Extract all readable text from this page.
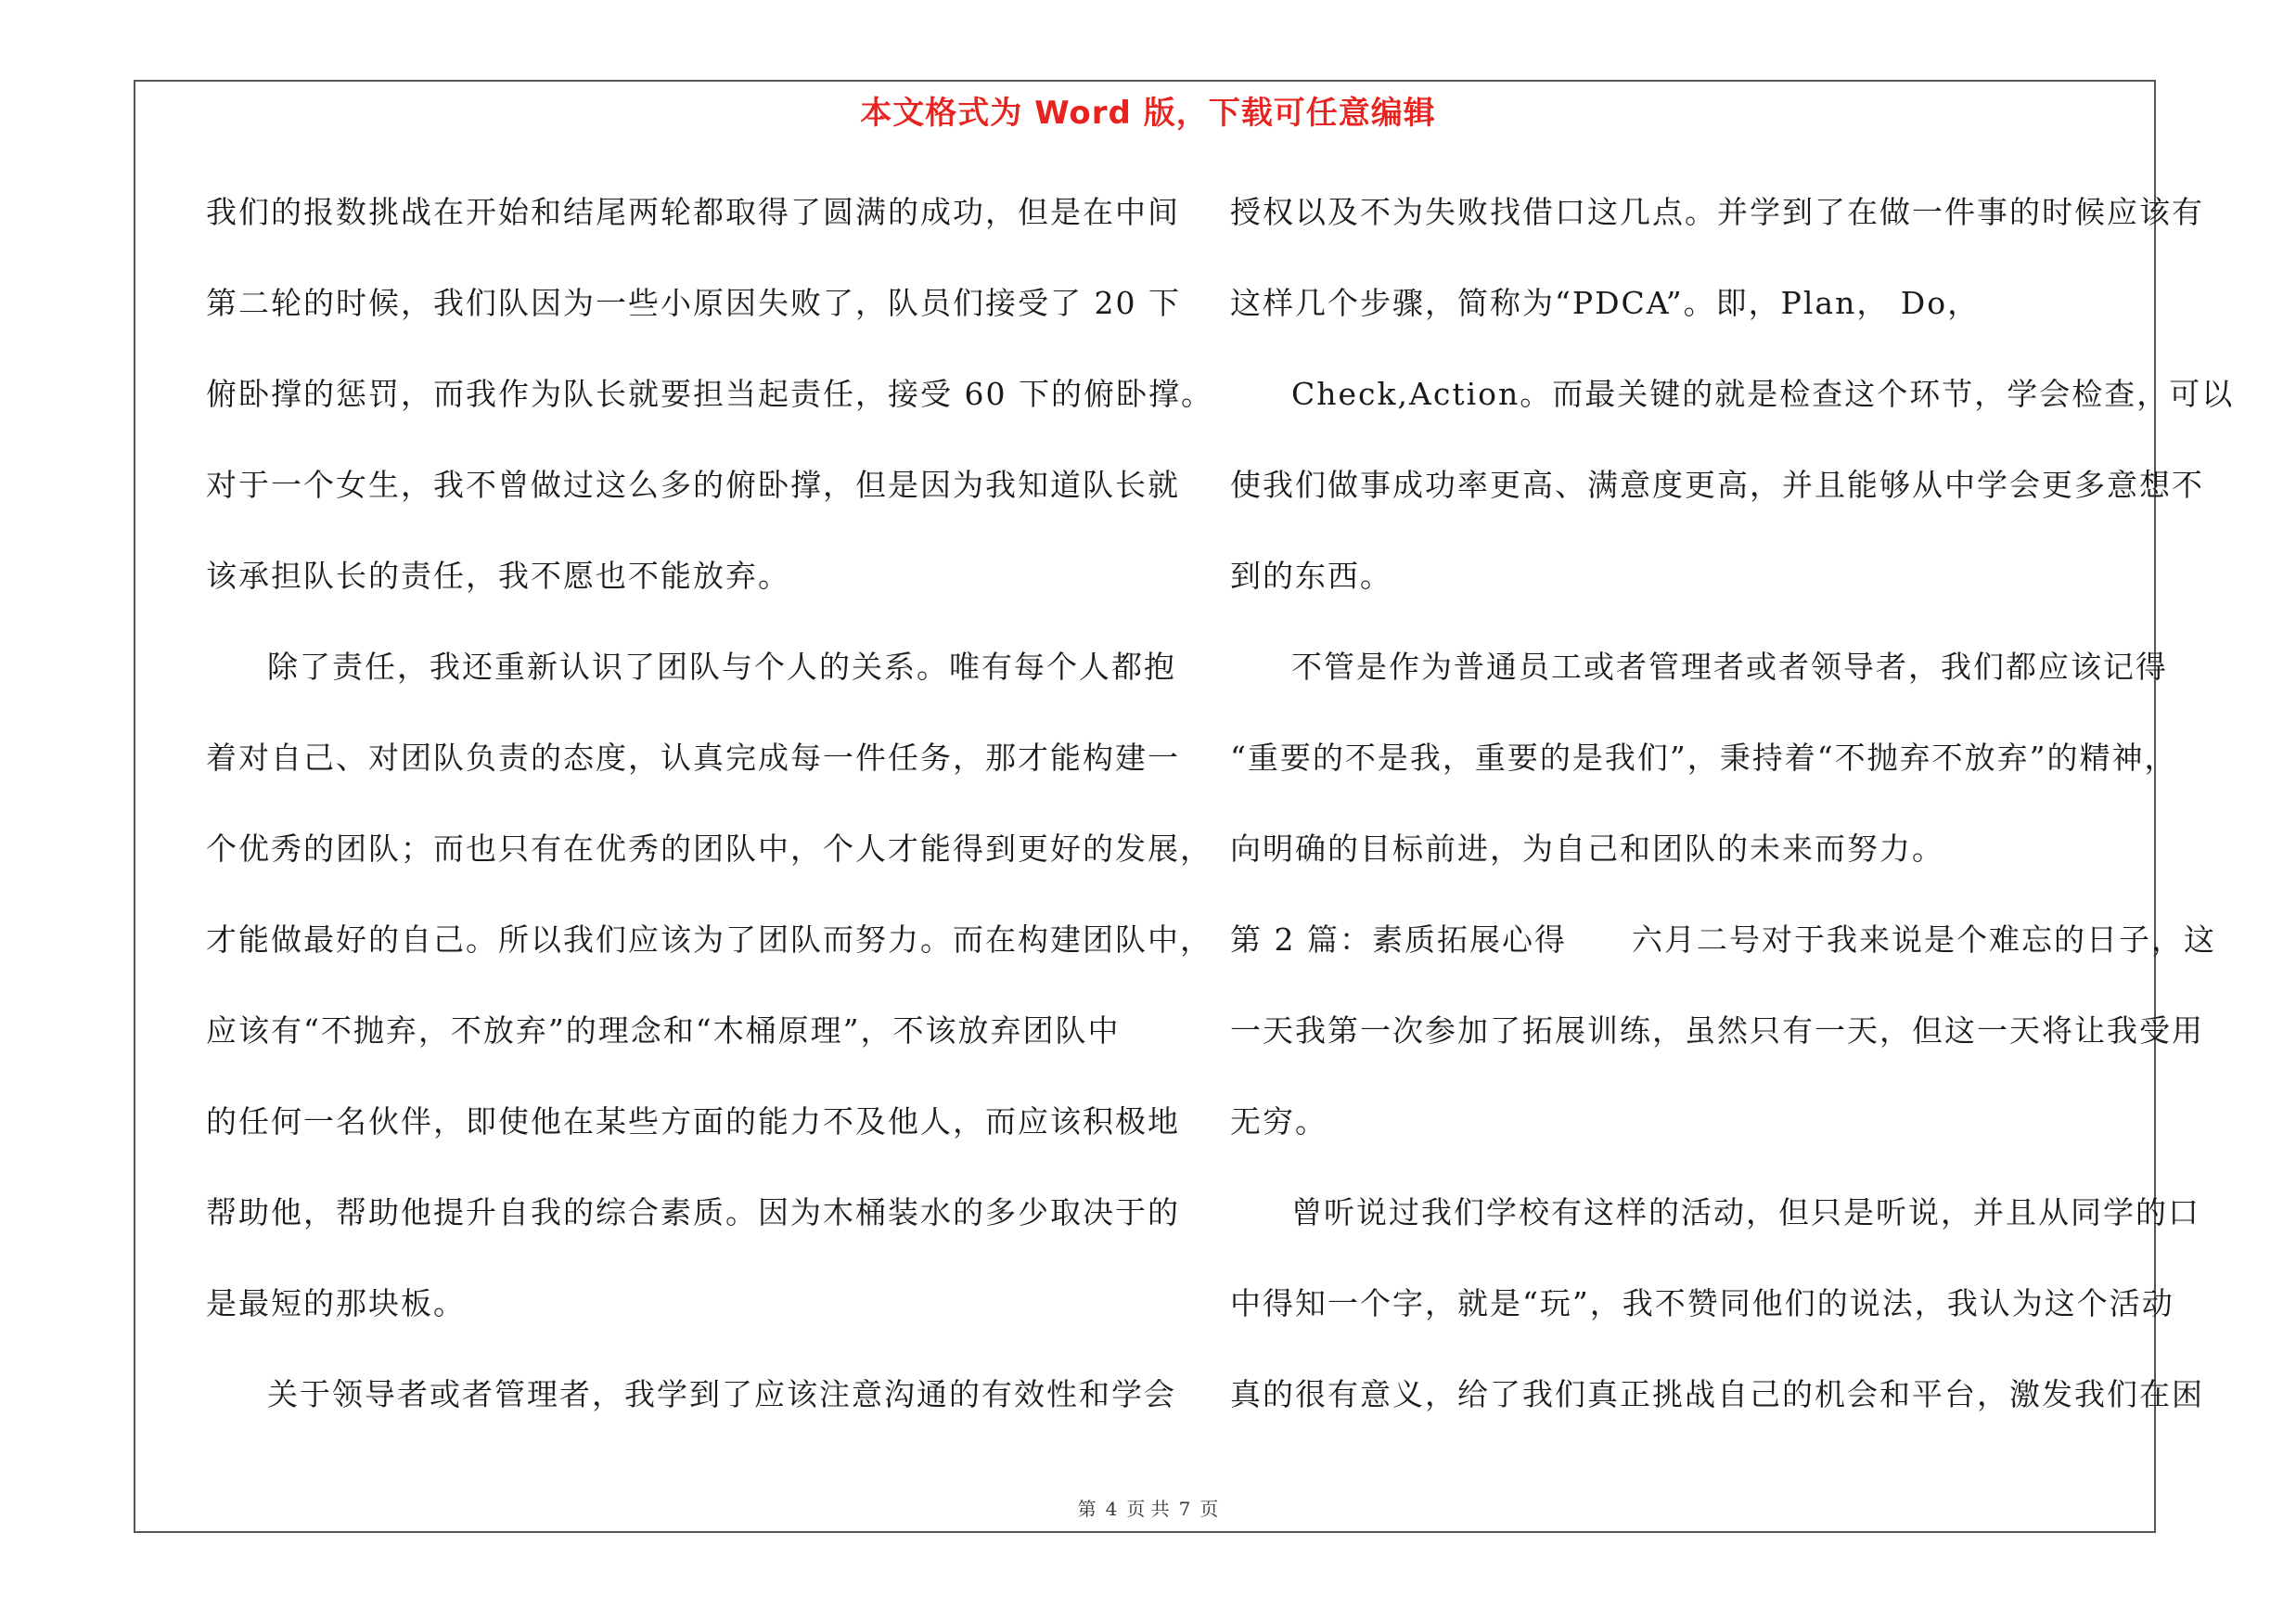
本文格式为 Word 版，下载可任意编辑
我们的报数挑战在开始和结尾两轮都取得了圆满的成功，但是在中间
第二轮的时候，我们队因为一些小原因失败了，队员们接受了 20 下
俯卧撑的惩罚，而我作为队长就要担当起责任，接受 60 下的俯卧撑。
对于一个女生，我不曾做过这么多的俯卧撑，但是因为我知道队长就
该承担队长的责任，我不愿也不能放弃。
除了责任，我还重新认识了团队与个人的关系。唯有每个人都抱
着对自己、对团队负责的态度，认真完成每一件任务，那才能构建一
个优秀的团队；而也只有在优秀的团队中，个人才能得到更好的发展，
才能做最好的自己。所以我们应该为了团队而努力。而在构建团队中，
应该有“不抛弃，不放弃”的理念和“木桶原理”，不该放弃团队中
的任何一名伙伴，即使他在某些方面的能力不及他人，而应该积极地
帮助他，帮助他提升自我的综合素质。因为木桶装水的多少取决于的
是最短的那块板。
关于领导者或者管理者，我学到了应该注意沟通的有效性和学会
授权以及不为失败找借口这几点。并学到了在做一件事的时候应该有
这样几个步骤，简称为“PDCA”。即，Plan， Do，
Check,Action。而最关键的就是检查这个环节，学会检查，可以
使我们做事成功率更高、满意度更高，并且能够从中学会更多意想不
到的东西。
不管是作为普通员工或者管理者或者领导者，我们都应该记得
“重要的不是我，重要的是我们”，秉持着“不抛弃不放弃”的精神，
向明确的目标前进，为自己和团队的未来而努力。
第 2 篇：素质拓展心得　　六月二号对于我来说是个难忘的日子，这
一天我第一次参加了拓展训练，虽然只有一天，但这一天将让我受用
无穷。
曾听说过我们学校有这样的活动，但只是听说，并且从同学的口
中得知一个字，就是“玩”，我不赞同他们的说法，我认为这个活动
真的很有意义，给了我们真正挑战自己的机会和平台，激发我们在困
第 4 页 共 7 页
